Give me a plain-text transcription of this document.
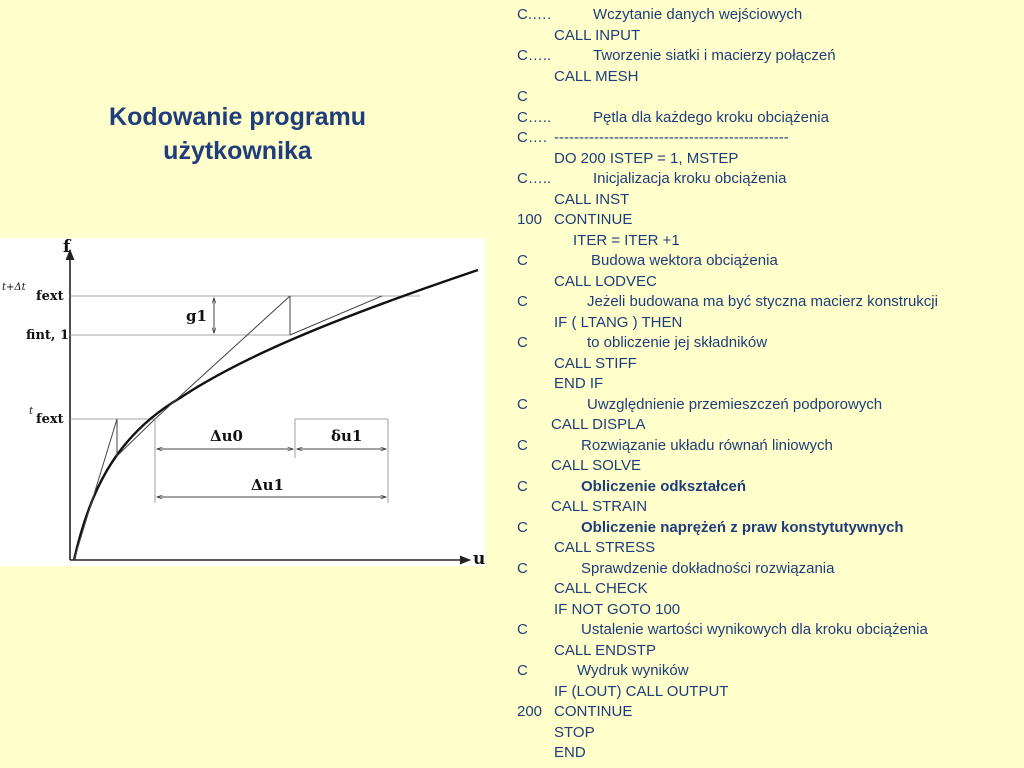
Kodowanie programu
użytkownika
f
u
t+Δt
fext
fint, 1
t
fext
g1
Δu0	δu1
Δu1
C.….	Wczytanie danych wejściowych
CALL INPUT
C…..	Tworzenie siatki i macierzy połączeń
CALL MESH
C
C…..	Pętla dla każdego kroku obciążenia
C…. -----------------------------------------------
DO 200 ISTEP = 1, MSTEP
C…..	Inicjalizacja kroku obciążenia
CALL INST
100 CONTINUE
ITER = ITER +1
C	Budowa wektora obciążenia
CALL LODVEC
C	Jeżeli budowana ma być styczna macierz konstrukcji
IF ( LTANG ) THEN
C	to obliczenie jej składników
CALL STIFF
END IF
C	Uwzględnienie przemieszczeń podporowych
CALL DISPLA
C	Rozwiązanie układu równań liniowych
CALL SOLVE
C	Obliczenie odkształceń
CALL STRAIN
C	Obliczenie naprężeń z praw konstytutywnych
CALL STRESS
C	Sprawdzenie dokładności rozwiązania
CALL CHECK
IF NOT GOTO 100
C	Ustalenie wartości wynikowych dla kroku obciążenia
CALL ENDSTP
C	Wydruk wyników
IF (LOUT) CALL OUTPUT
200 CONTINUE
STOP
END
